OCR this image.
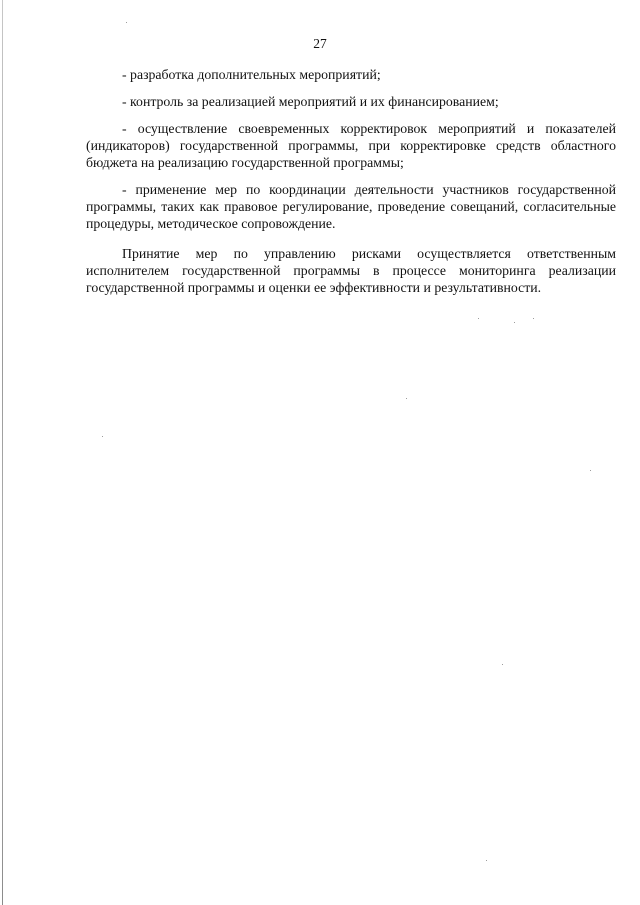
27

- разработка дополнительных мероприятий;

- контроль за реализацией мероприятий и их финансированием;

- осуществление своевременных корректировок мероприятий и показателей (индикаторов) государственной программы, при корректировке средств областного бюджета на реализацию государственной программы;

- применение мер по координации деятельности участников государственной программы, таких как правовое регулирование, проведение совещаний, согласительные процедуры, методическое сопровождение.

Принятие мер по управлению рисками осуществляется ответственным исполнителем государственной программы в процессе мониторинга реализации государственной программы и оценки ее эффективности и результативности.
